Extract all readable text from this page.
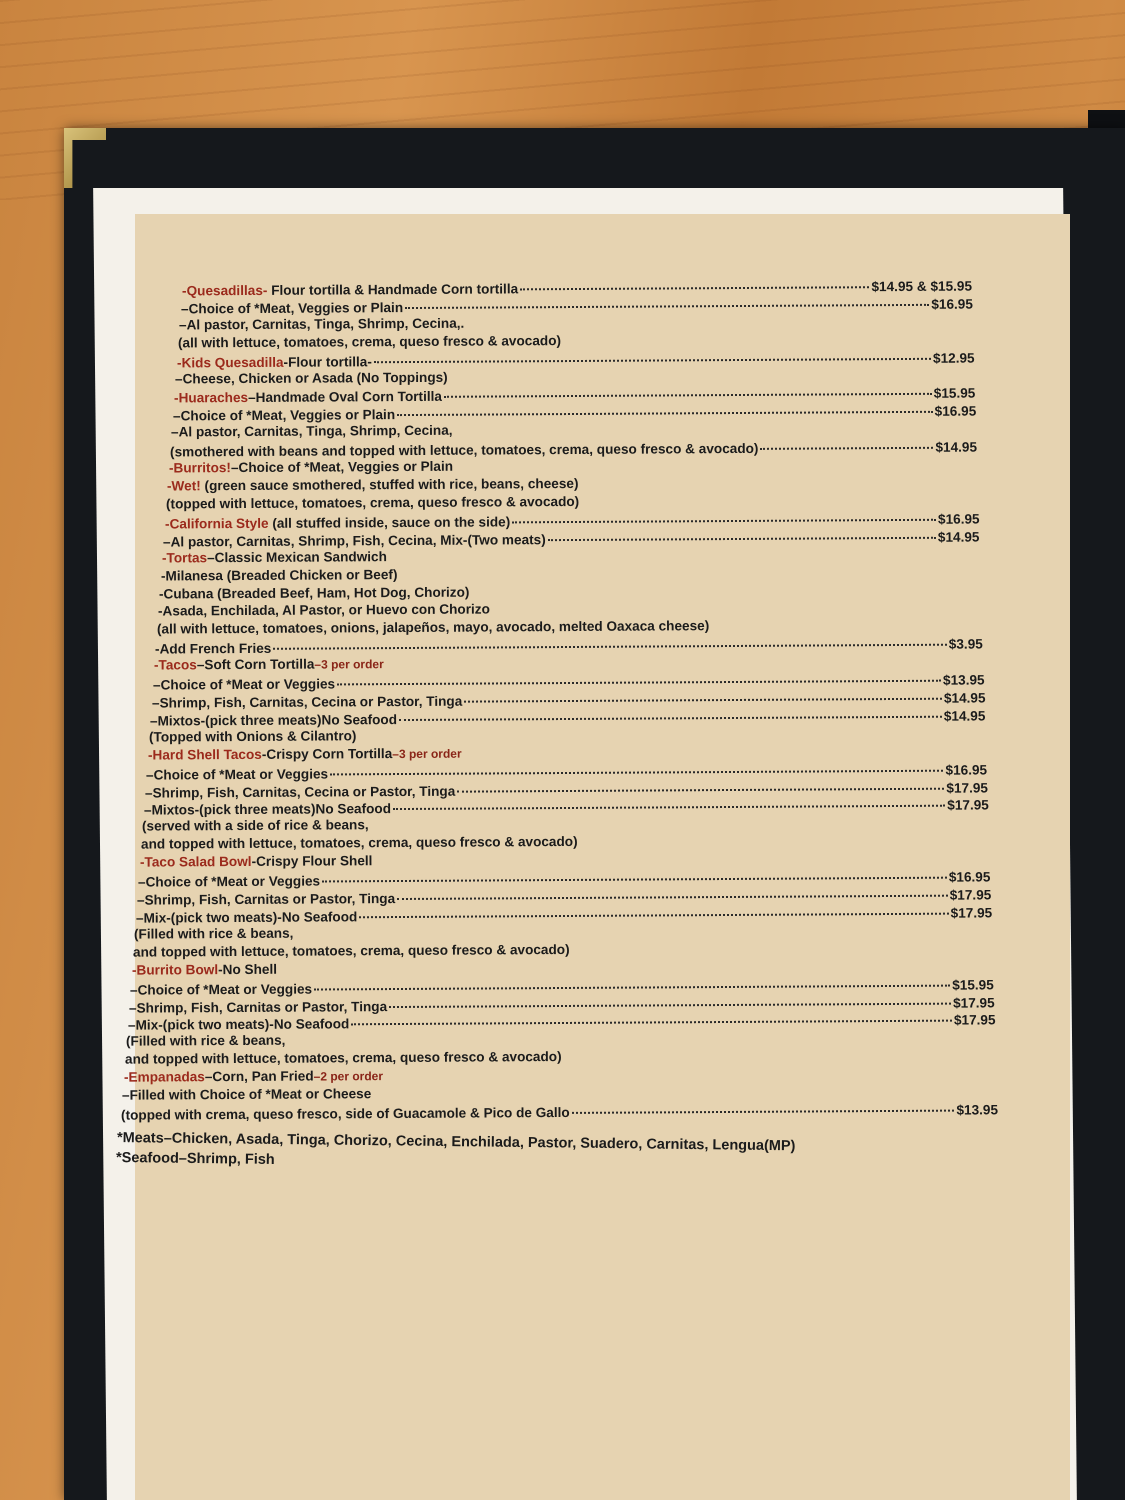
-Quesadillas- Flour tortilla & Handmade Corn tortilla	$14.95 & $15.95
–Choice of *Meat, Veggies or Plain	$16.95
–Al pastor, Carnitas, Tinga, Shrimp, Cecina,.
(all with lettuce, tomatoes, crema, queso fresco & avocado)
-Kids Quesadilla-Flour tortilla-	$12.95
–Cheese, Chicken or Asada (No Toppings)
-Huaraches–Handmade Oval Corn Tortilla	$15.95
–Choice of *Meat, Veggies or Plain	$16.95
–Al pastor, Carnitas, Tinga, Shrimp, Cecina,
(smothered with beans and topped with lettuce, tomatoes, crema, queso fresco & avocado)	$14.95
-Burritos!–Choice of *Meat, Veggies or Plain
-Wet! (green sauce smothered, stuffed with rice, beans, cheese)
(topped with lettuce, tomatoes, crema, queso fresco & avocado)
-California Style (all stuffed inside, sauce on the side)	$16.95
–Al pastor, Carnitas, Shrimp, Fish, Cecina, Mix-(Two meats)	$14.95
-Tortas–Classic Mexican Sandwich
-Milanesa (Breaded Chicken or Beef)
-Cubana (Breaded Beef, Ham, Hot Dog, Chorizo)
-Asada, Enchilada, Al Pastor, or Huevo con Chorizo
(all with lettuce, tomatoes, onions, jalapeños, mayo, avocado, melted Oaxaca cheese)
-Add French Fries	$3.95
-Tacos–Soft Corn Tortilla–3 per order
–Choice of *Meat or Veggies	$13.95
–Shrimp, Fish, Carnitas, Cecina or Pastor, Tinga	$14.95
–Mixtos-(pick three meats)No Seafood	$14.95
(Topped with Onions & Cilantro)
-Hard Shell Tacos-Crispy Corn Tortilla–3 per order
–Choice of *Meat or Veggies	$16.95
–Shrimp, Fish, Carnitas, Cecina or Pastor, Tinga	$17.95
–Mixtos-(pick three meats)No Seafood	$17.95
(served with a side of rice & beans,
and topped with lettuce, tomatoes, crema, queso fresco & avocado)
-Taco Salad Bowl-Crispy Flour Shell
–Choice of *Meat or Veggies	$16.95
–Shrimp, Fish, Carnitas or Pastor, Tinga	$17.95
–Mix-(pick two meats)-No Seafood	$17.95
(Filled with rice & beans,
and topped with lettuce, tomatoes, crema, queso fresco & avocado)
-Burrito Bowl-No Shell
–Choice of *Meat or Veggies	$15.95
–Shrimp, Fish, Carnitas or Pastor, Tinga	$17.95
–Mix-(pick two meats)-No Seafood	$17.95
(Filled with rice & beans,
and topped with lettuce, tomatoes, crema, queso fresco & avocado)
-Empanadas–Corn, Pan Fried–2 per order
–Filled with Choice of *Meat or Cheese
(topped with crema, queso fresco, side of Guacamole & Pico de Gallo	$13.95
*Meats–Chicken, Asada, Tinga, Chorizo, Cecina, Enchilada, Pastor, Suadero, Carnitas, Lengua(MP)
*Seafood–Shrimp, Fish
